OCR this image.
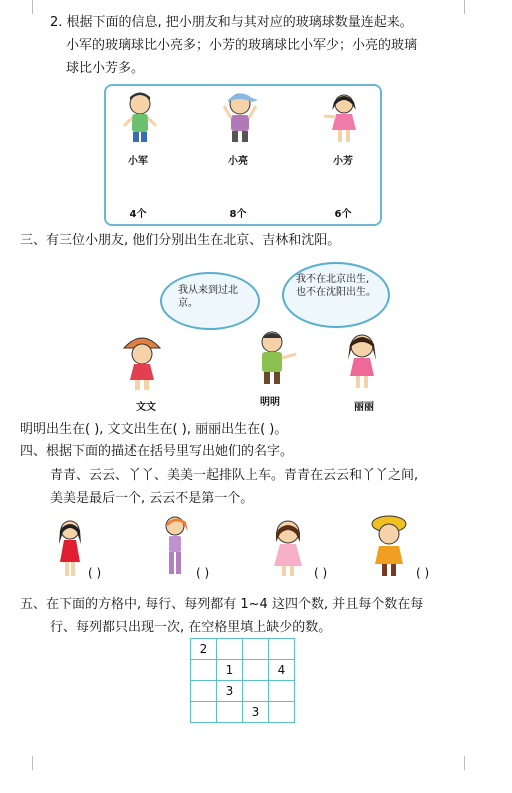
2. 根据下面的信息, 把小朋友和与其对应的玻璃球数量连起来。
小军的玻璃球比小亮多；小芳的玻璃球比小军少；小亮的玻璃
球比小芳多。
小军	小亮	小芳
4个	8个	6个
三、有三位小朋友, 他们分别出生在北京、吉林和沈阳。
我从来到过北京。
我不在北京出生,也不在沈阳出生。
文文	明明	丽丽
明明出生在( ), 文文出生在( ), 丽丽出生在( )。
四、根据下面的描述在括号里写出她们的名字。
青青、云云、丫丫、美美一起排队上车。青青在云云和丫丫之间,
美美是最后一个, 云云不是第一个。
( )	( )	( )	( )
五、在下面的方格中, 每行、每列都有 1~4 这四个数, 并且每个数在每
行、每列都只出现一次, 在空格里填上缺少的数。
2			
	1		4
	3		
		3	
